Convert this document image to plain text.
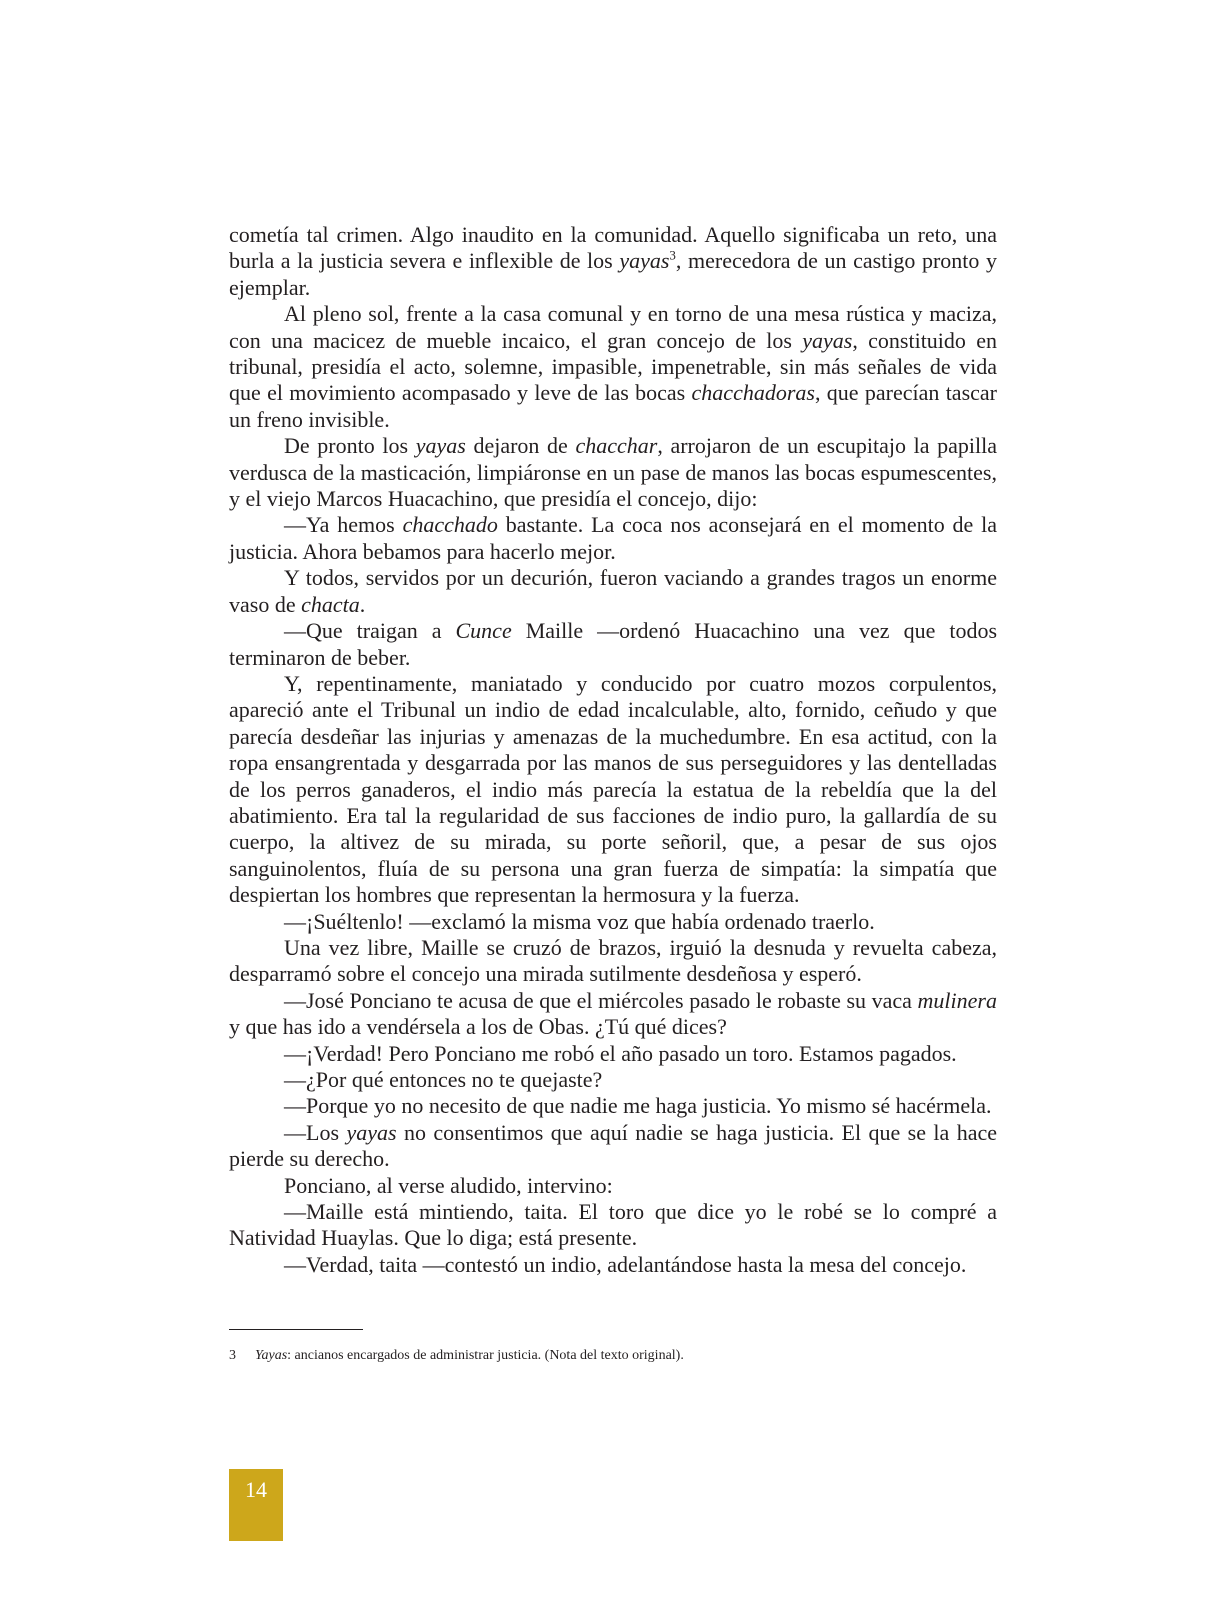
cometía tal crimen. Algo inaudito en la comunidad. Aquello significaba un reto, una burla a la justicia severa e inflexible de los yayas$^3$, merecedora de un castigo pronto y ejemplar.

Al pleno sol, frente a la casa comunal y en torno de una mesa rústica y maciza, con una macicez de mueble incaico, el gran concejo de los yayas, constituido en tribunal, presidía el acto, solemne, impasible, impenetrable, sin más señales de vida que el movimiento acompasado y leve de las bocas chacchadoras, que parecían tascar un freno invisible.

De pronto los yayas dejaron de chacchar, arrojaron de un escupitajo la papilla verdusca de la masticación, limpiáronse en un pase de manos las bocas espumescentes, y el viejo Marcos Huacachino, que presidía el concejo, dijo:

—Ya hemos chacchado bastante. La coca nos aconsejará en el momento de la justicia. Ahora bebamos para hacerlo mejor.

Y todos, servidos por un decurión, fueron vaciando a grandes tragos un enorme vaso de chacta.

—Que traigan a Cunce Maille —ordenó Huacachino una vez que todos terminaron de beber.

Y, repentinamente, maniatado y conducido por cuatro mozos corpulentos, apareció ante el Tribunal un indio de edad incalculable, alto, fornido, ceñudo y que parecía desdeñar las injurias y amenazas de la muchedumbre. En esa actitud, con la ropa ensangrentada y desgarrada por las manos de sus perseguidores y las dentelladas de los perros ganaderos, el indio más parecía la estatua de la rebeldía que la del abatimiento. Era tal la regularidad de sus facciones de indio puro, la gallardía de su cuerpo, la altivez de su mirada, su porte señoril, que, a pesar de sus ojos sanguinolentos, fluía de su persona una gran fuerza de simpatía: la simpatía que despiertan los hombres que representan la hermosura y la fuerza.

—¡Suéltenlo! —exclamó la misma voz que había ordenado traerlo.

Una vez libre, Maille se cruzó de brazos, irguió la desnuda y revuelta cabeza, desparramó sobre el concejo una mirada sutilmente desdeñosa y esperó.

—José Ponciano te acusa de que el miércoles pasado le robaste su vaca mulinera y que has ido a vendérsela a los de Obas. ¿Tú qué dices?

—¡Verdad! Pero Ponciano me robó el año pasado un toro. Estamos pagados.

—¿Por qué entonces no te quejaste?

—Porque yo no necesito de que nadie me haga justicia. Yo mismo sé hacérmela.

—Los yayas no consentimos que aquí nadie se haga justicia. El que se la hace pierde su derecho.

Ponciano, al verse aludido, intervino:

—Maille está mintiendo, taita. El toro que dice yo le robé se lo compré a Natividad Huaylas. Que lo diga; está presente.

—Verdad, taita —contestó un indio, adelantándose hasta la mesa del concejo.

3 Yayas: ancianos encargados de administrar justicia. (Nota del texto original).
14
